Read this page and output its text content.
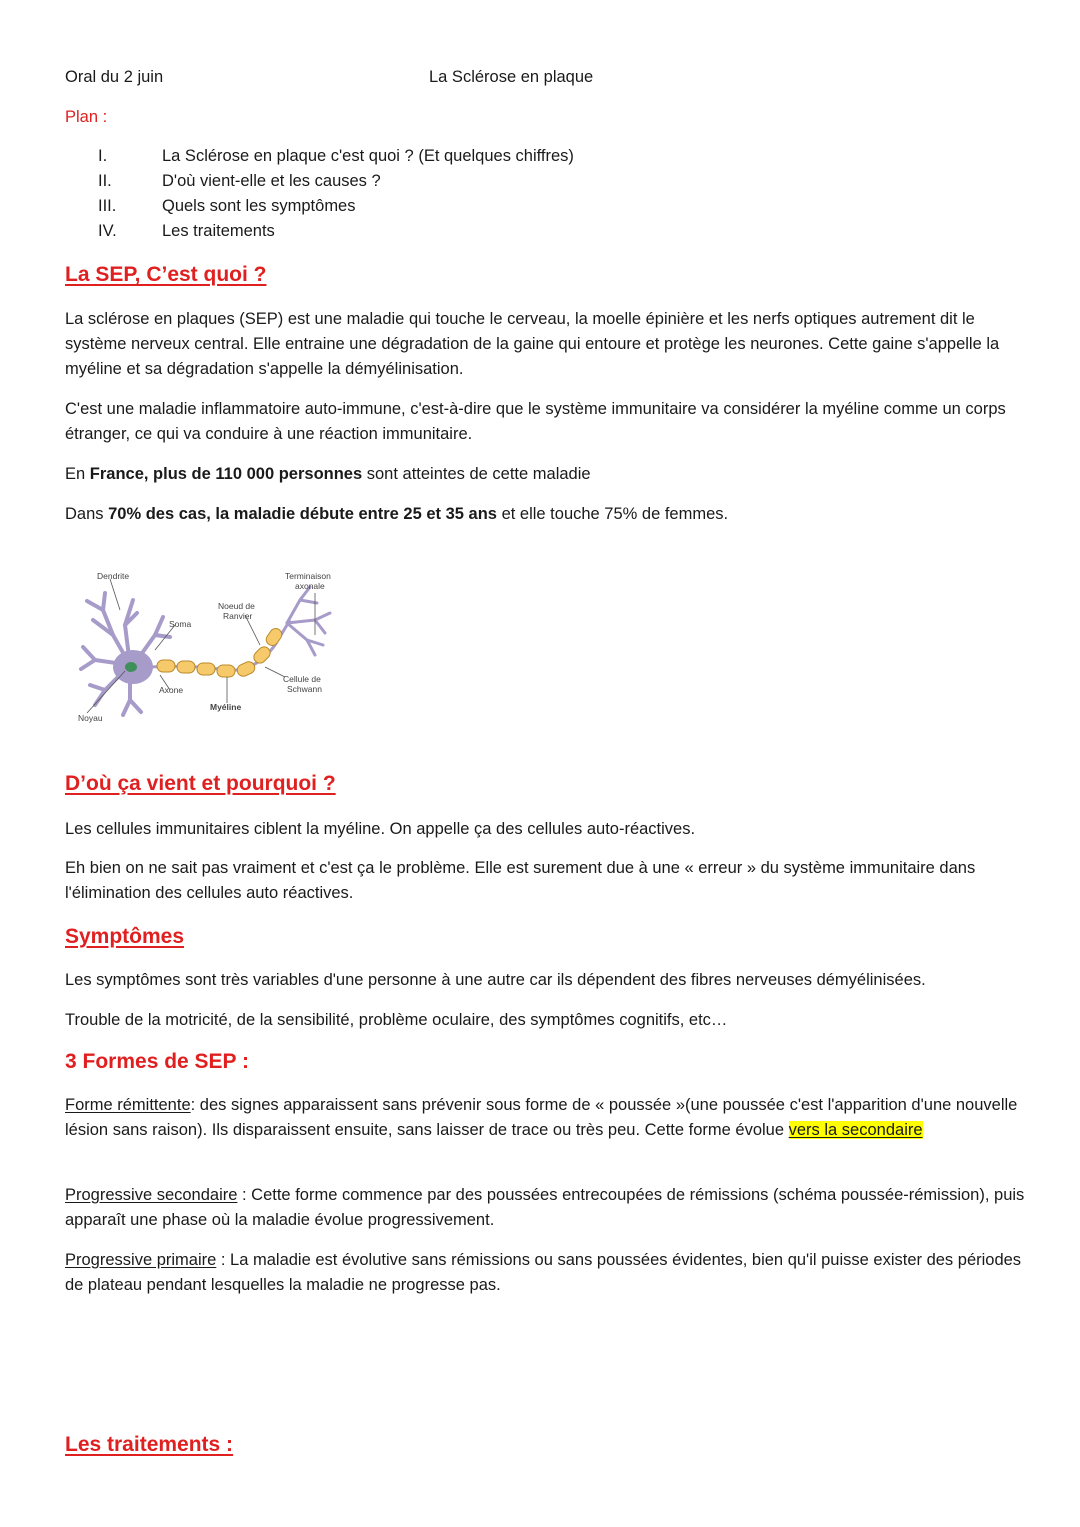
Oral du 2 juin	La Sclérose en plaque
Plan :
I.	La Sclérose en plaque c'est quoi ? (Et quelques chiffres)
II.	D'où vient-elle et les causes ?
III.	Quels sont les symptômes
IV.	Les traitements
La SEP, C’est quoi ?

La sclérose en plaques (SEP) est une maladie qui touche le cerveau, la moelle épinière et les nerfs optiques autrement dit le système nerveux central. Elle entraine une dégradation de la gaine qui entoure et protège les neurones. Cette gaine s'appelle la myéline et sa dégradation s'appelle la démyélinisation.

C'est une maladie inflammatoire auto-immune, c'est-à-dire que le système immunitaire va considérer la myéline comme un corps étranger, ce qui va conduire à une réaction immunitaire.

En France, plus de 110 000 personnes sont atteintes de cette maladie

Dans 70% des cas, la maladie débute entre 25 et 35 ans et elle touche 75% de femmes.

Dendrite
Soma
Noeud de
Ranvier
Terminaison
axonale
Axone
Noyau
Myéline
Cellule de
Schwann
D’où ça vient et pourquoi ?

Les cellules immunitaires ciblent la myéline. On appelle ça des cellules auto-réactives.

Eh bien on ne sait pas vraiment et c'est ça le problème. Elle est surement due à une « erreur » du système immunitaire dans l'élimination des cellules auto réactives.

Symptômes

Les symptômes sont très variables d'une personne à une autre car ils dépendent des fibres nerveuses démyélinisées.

Trouble de la motricité, de la sensibilité, problème oculaire, des symptômes cognitifs, etc…

3 Formes de SEP :

Forme rémittente: des signes apparaissent sans prévenir sous forme de « poussée »(une poussée c'est l'apparition d'une nouvelle lésion sans raison). Ils disparaissent ensuite, sans laisser de trace ou très peu. Cette forme évolue vers la secondaire

Progressive secondaire : Cette forme commence par des poussées entrecoupées de rémissions (schéma poussée-rémission), puis apparaît une phase où la maladie évolue progressivement.

Progressive primaire : La maladie est évolutive sans rémissions ou sans poussées évidentes, bien qu'il puisse exister des périodes de plateau pendant lesquelles la maladie ne progresse pas.

Les traitements :
